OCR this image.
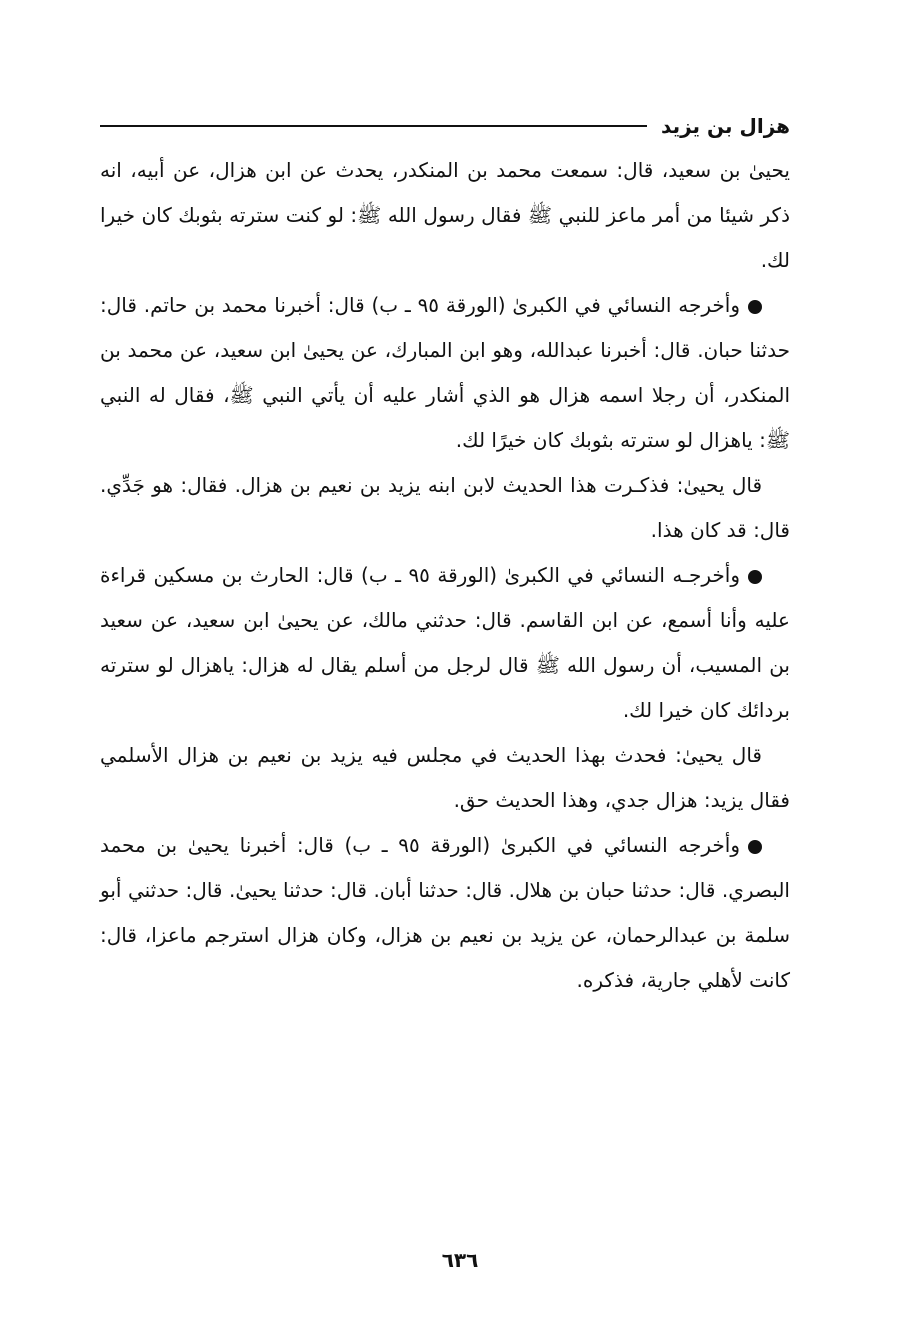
هزال بن يزيد

يحيىٰ بن سعيد، قال: سمعت محمد بن المنكدر، يحدث عن ابن هزال، عن أبيه، انه ذكر شيئا من أمر ماعز للنبي ﷺ فقال رسول الله ﷺ: لو كنت سترته بثوبك كان خيرا لك.

وأخرجه النسائي في الكبرىٰ (الورقة ٩٥ ـ ب) قال: أخبرنا محمد بن حاتم. قال: حدثنا حبان. قال: أخبرنا عبدالله، وهو ابن المبارك، عن يحيىٰ ابن سعيد، عن محمد بن المنكدر، أن رجلا اسمه هزال هو الذي أشار عليه أن يأتي النبي ﷺ، فقال له النبي ﷺ: ياهزال لو سترته بثوبك كان خيرًا لك.

قال يحيىٰ: فذكـرت هذا الحديث لابن ابنه يزيد بن نعيم بن هزال. فقال: هو جَدِّي. قال: قد كان هذا.

وأخرجـه النسائي في الكبرىٰ (الورقة ٩٥ ـ ب) قال: الحارث بن مسكين قراءة عليه وأنا أسمع، عن ابن القاسم. قال: حدثني مالك، عن يحيىٰ ابن سعيد، عن سعيد بن المسيب، أن رسول الله ﷺ قال لرجل من أسلم يقال له هزال: ياهزال لو سترته بردائك كان خيرا لك.

قال يحيىٰ: فحدث بهذا الحديث في مجلس فيه يزيد بن نعيم بن هزال الأسلمي فقال يزيد: هزال جدي، وهذا الحديث حق.

وأخرجه النسائي في الكبرىٰ (الورقة ٩٥ ـ ب) قال: أخبرنا يحيىٰ بن محمد البصري. قال: حدثنا حبان بن هلال. قال: حدثنا أبان. قال: حدثنا يحيىٰ. قال: حدثني أبو سلمة بن عبدالرحمان، عن يزيد بن نعيم بن هزال، وكان هزال استرجم ماعزا، قال: كانت لأهلي جارية، فذكره.

٦٣٦
